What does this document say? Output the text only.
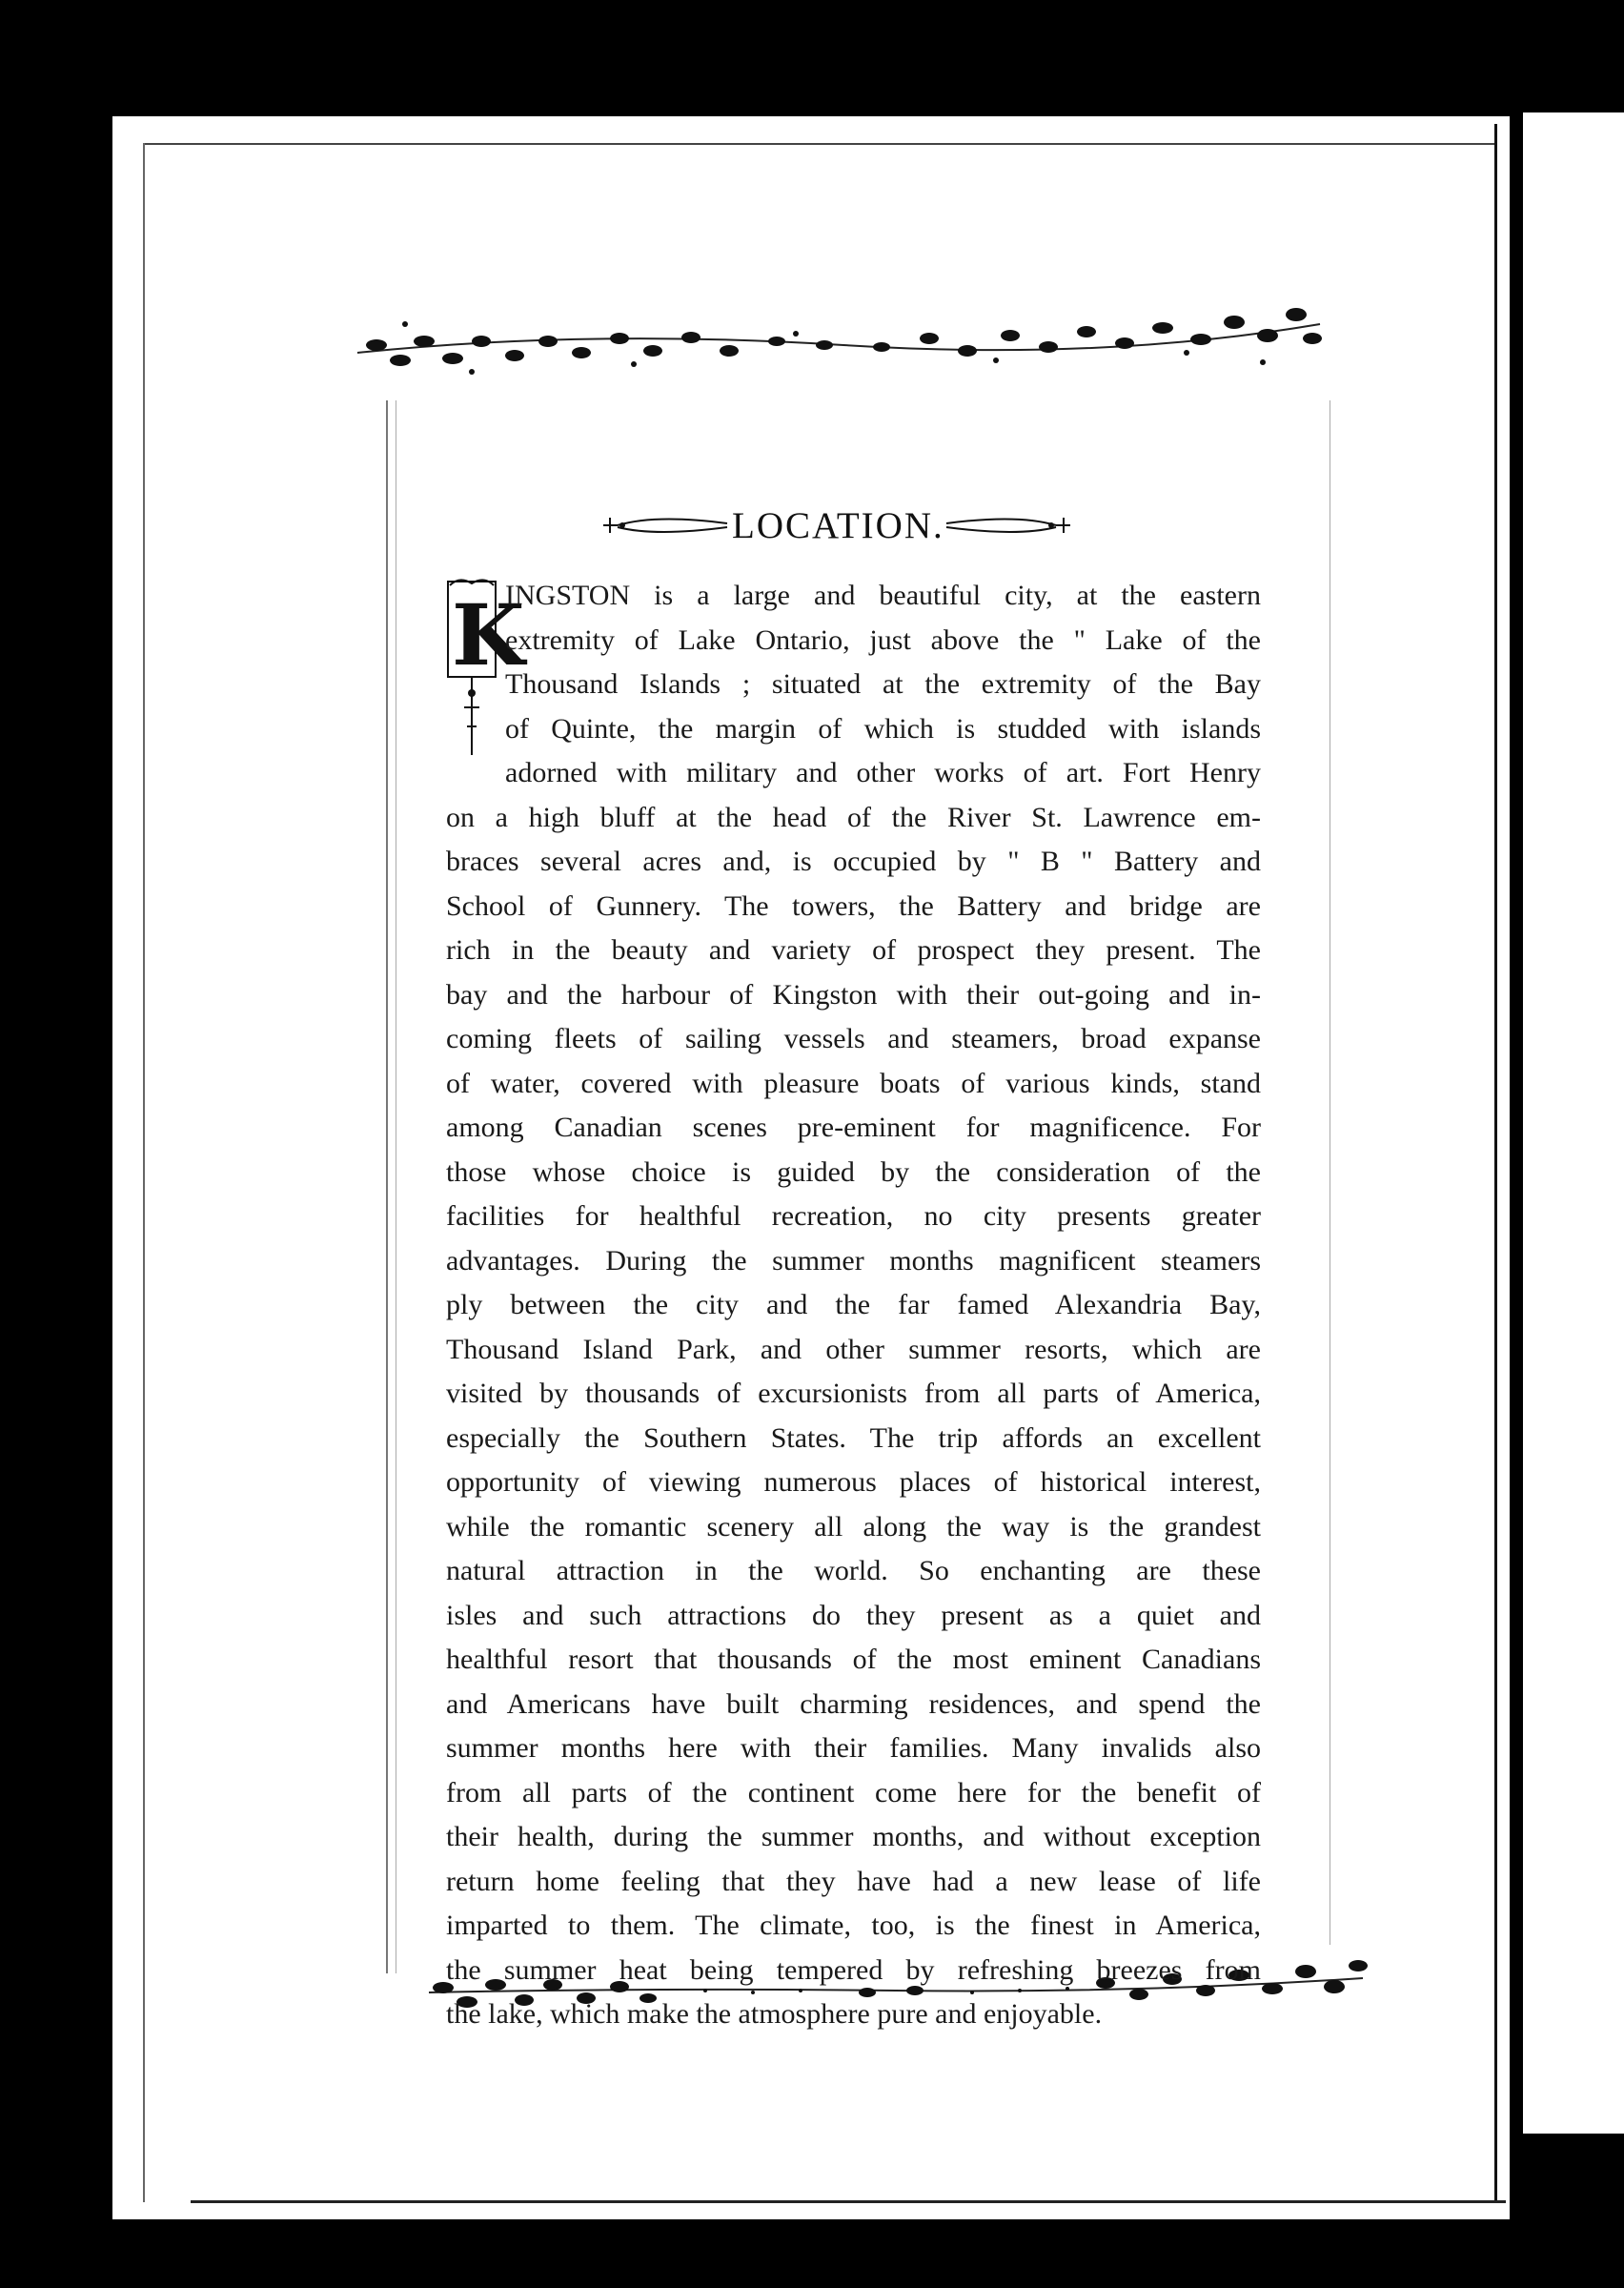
LOCATION.
K
INGSTON is a large and beautiful city, at the eastern
extremity of Lake Ontario, just above the " Lake of the
Thousand Islands ; situated at the extremity of the Bay
of Quinte, the margin of which is studded with islands
adorned with military and other works of art. Fort Henry
on a high bluff at the head of the River St. Lawrence em-
braces several acres and, is occupied by " B " Battery and
School of Gunnery. The towers, the Battery and bridge are
rich in the beauty and variety of prospect they present. The
bay and the harbour of Kingston with their out-going and in-
coming fleets of sailing vessels and steamers, broad expanse
of water, covered with pleasure boats of various kinds, stand
among Canadian scenes pre-eminent for magnificence. For
those whose choice is guided by the consideration of the
facilities for healthful recreation, no city presents greater
advantages. During the summer months magnificent steamers
ply between the city and the far famed Alexandria Bay,
Thousand Island Park, and other summer resorts, which are
visited by thousands of excursionists from all parts of America,
especially the Southern States. The trip affords an excellent
opportunity of viewing numerous places of historical interest,
while the romantic scenery all along the way is the grandest
natural attraction in the world. So enchanting are these
isles and such attractions do they present as a quiet and
healthful resort that thousands of the most eminent Canadians
and Americans have built charming residences, and spend the
summer months here with their families. Many invalids also
from all parts of the continent come here for the benefit of
their health, during the summer months, and without exception
return home feeling that they have had a new lease of life
imparted to them. The climate, too, is the finest in America,
the summer heat being tempered by refreshing breezes from
the lake, which make the atmosphere pure and enjoyable.
